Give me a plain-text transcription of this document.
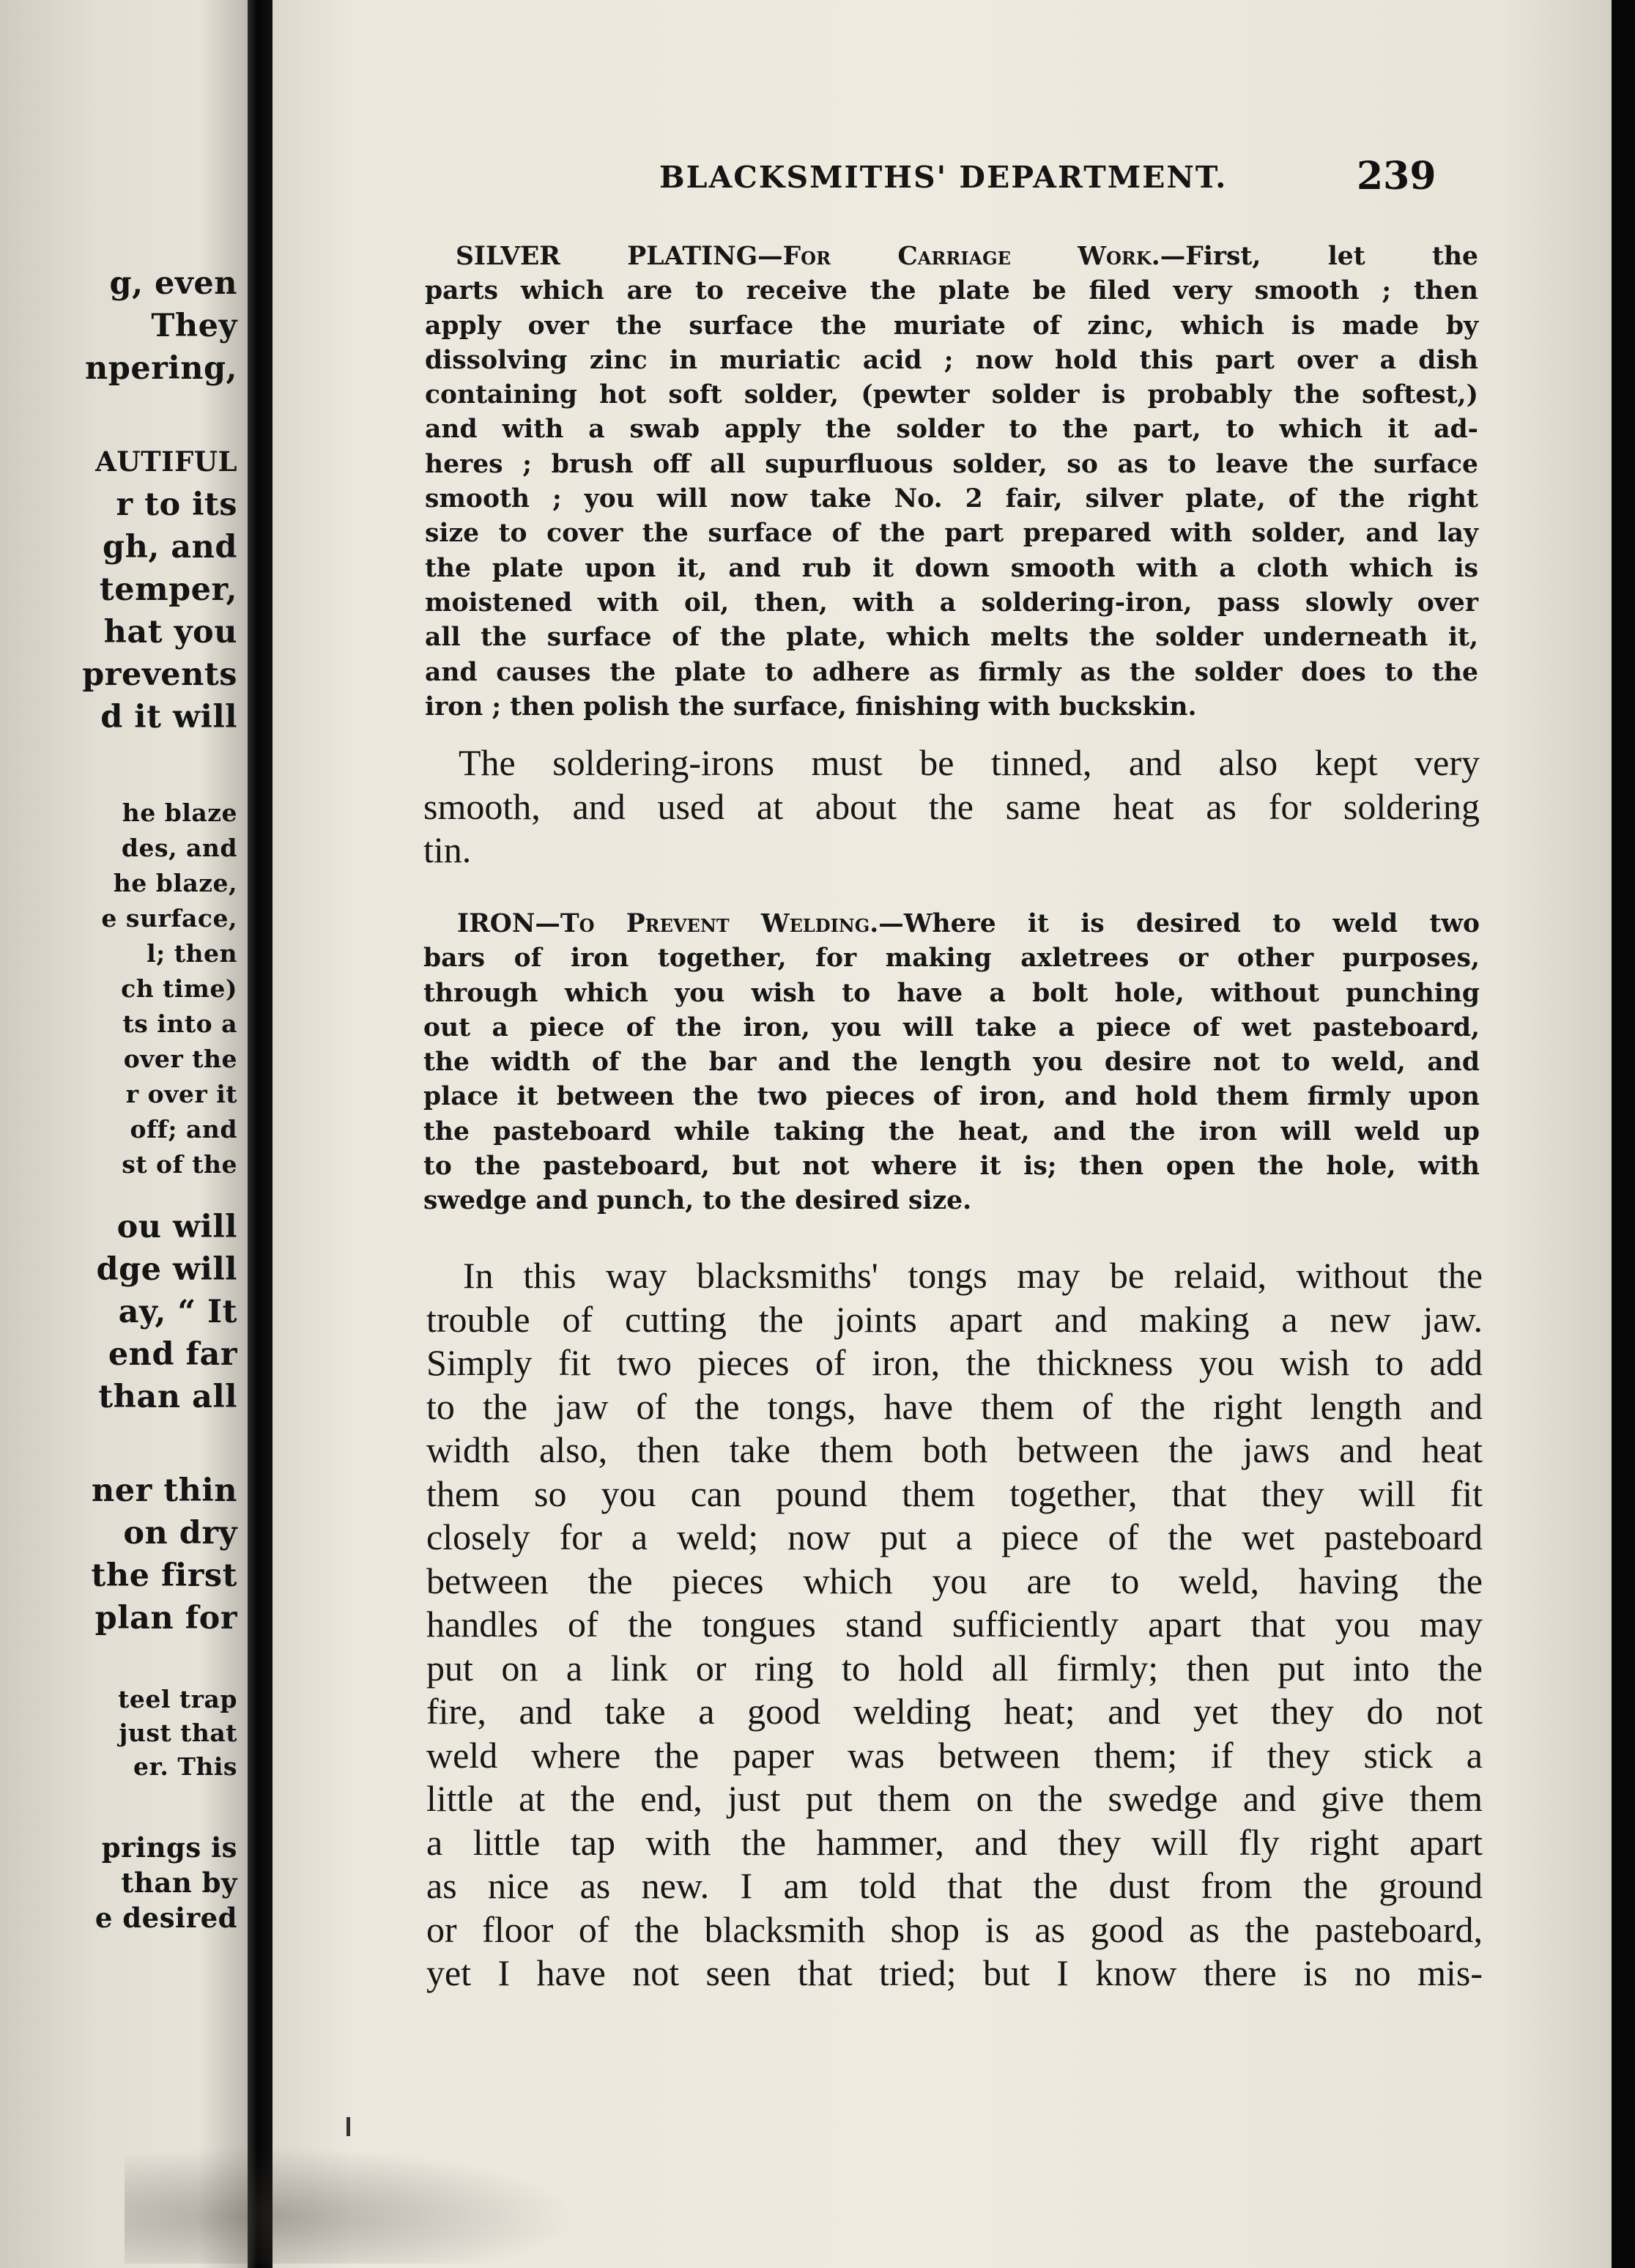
g, even
They
npering,
AUTIFUL
r to its
gh, and
temper,
hat you
prevents
d it will
he blaze
des, and
he blaze,
e surface,
l; then
ch time)
ts into a
over the
r over it
off; and
st of the
ou will
dge will
ay, “ It
end far
than all
ner thin
on dry
the first
plan for
teel trap
just that
er. This
prings is
than by
e desired
BLACKSMITHS' DEPARTMENT.	239
SILVER PLATING—For Carriage Work.—First, let the
parts which are to receive the plate be filed very smooth ; then
apply over the surface the muriate of zinc, which is made by
dissolving zinc in muriatic acid ; now hold this part over a dish
containing hot soft solder, (pewter solder is probably the softest,)
and with a swab apply the solder to the part, to which it ad-
heres ; brush off all supurfluous solder, so as to leave the surface
smooth ; you will now take No. 2 fair, silver plate, of the right
size to cover the surface of the part prepared with solder, and lay
the plate upon it, and rub it down smooth with a cloth which is
moistened with oil, then, with a soldering-iron, pass slowly over
all the surface of the plate, which melts the solder underneath it,
and causes the plate to adhere as firmly as the solder does to the
iron ; then polish the surface, finishing with buckskin.
The soldering-irons must be tinned, and also kept very
smooth, and used at about the same heat as for soldering
tin.
IRON—To Prevent Welding.—Where it is desired to weld two
bars of iron together, for making axletrees or other purposes,
through which you wish to have a bolt hole, without punching
out a piece of the iron, you will take a piece of wet pasteboard,
the width of the bar and the length you desire not to weld, and
place it between the two pieces of iron, and hold them firmly upon
the pasteboard while taking the heat, and the iron will weld up
to the pasteboard, but not where it is; then open the hole, with
swedge and punch, to the desired size.
In this way blacksmiths' tongs may be relaid, without the
trouble of cutting the joints apart and making a new jaw.
Simply fit two pieces of iron, the thickness you wish to add
to the jaw of the tongs, have them of the right length and
width also, then take them both between the jaws and heat
them so you can pound them together, that they will fit
closely for a weld; now put a piece of the wet pasteboard
between the pieces which you are to weld, having the
handles of the tongues stand sufficiently apart that you may
put on a link or ring to hold all firmly; then put into the
fire, and take a good welding heat; and yet they do not
weld where the paper was between them; if they stick a
little at the end, just put them on the swedge and give them
a little tap with the hammer, and they will fly right apart
as nice as new. I am told that the dust from the ground
or floor of the blacksmith shop is as good as the pasteboard,
yet I have not seen that tried; but I know there is no mis-
